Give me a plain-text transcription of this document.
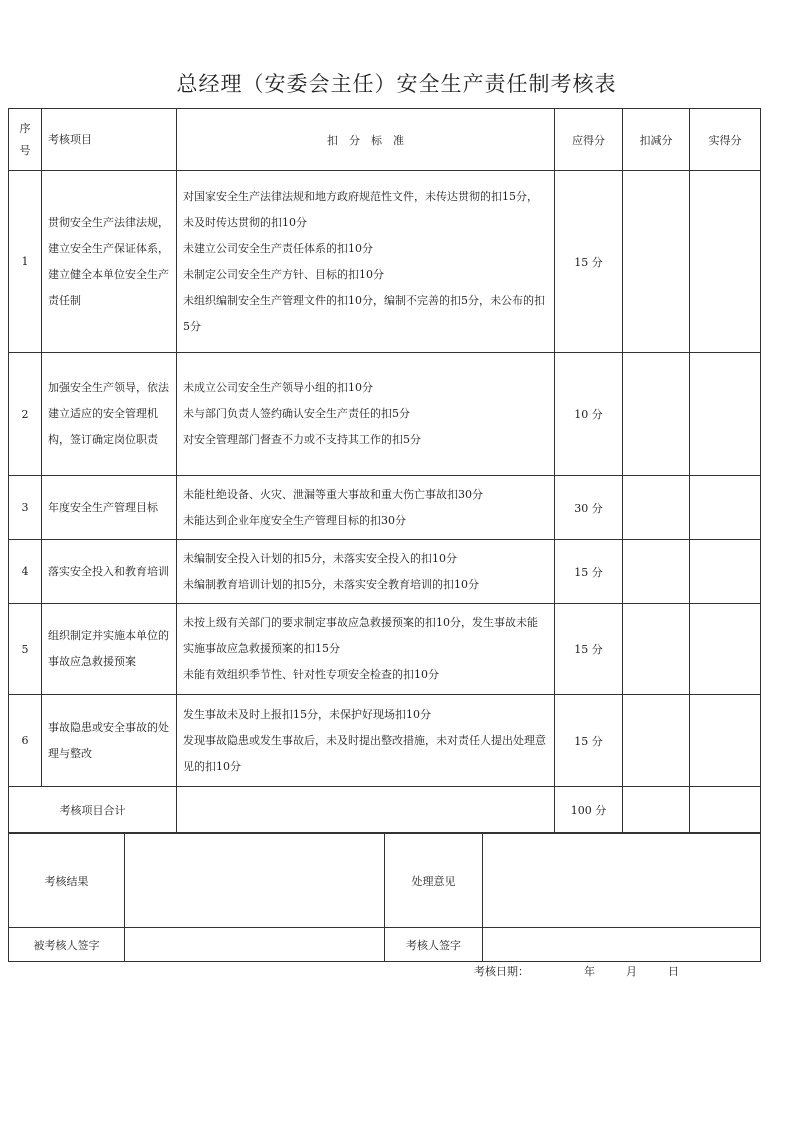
总经理（安委会主任）安全生产责任制考核表
序号	考核项目	扣　分　标　准	应得分	扣减分	实得分
1	贯彻安全生产法律法规，建立安全生产保证体系，建立健全本单位安全生产责任制	对国家安全生产法律法规和地方政府规范性文件，未传达贯彻的扣15分，未及时传达贯彻的扣10分
未建立公司安全生产责任体系的扣10分
未制定公司安全生产方针、目标的扣10分
未组织编制安全生产管理文件的扣10分，编制不完善的扣5分，未公布的扣5分	15 分		
2	加强安全生产领导，依法建立适应的安全管理机构，签订确定岗位职责	未成立公司安全生产领导小组的扣10分
未与部门负责人签约确认安全生产责任的扣5分
对安全管理部门督查不力或不支持其工作的扣5分	10 分		
3	年度安全生产管理目标	未能杜绝设备、火灾、泄漏等重大事故和重大伤亡事故扣30分
未能达到企业年度安全生产管理目标的扣30分	30 分		
4	落实安全投入和教育培训	未编制安全投入计划的扣5分，未落实安全投入的扣10分
未编制教育培训计划的扣5分，未落实安全教育培训的扣10分	15 分		
5	组织制定并实施本单位的事故应急救援预案	未按上级有关部门的要求制定事故应急救援预案的扣10分，发生事故未能实施事故应急救援预案的扣15分
未能有效组织季节性、针对性专项安全检查的扣10分	15 分		
6	事故隐患或安全事故的处理与整改	发生事故未及时上报扣15分，未保护好现场扣10分
发现事故隐患或发生事故后，未及时提出整改措施，未对责任人提出处理意见的扣10分	15 分		
考核项目合计			100 分		
考核结果		处理意见	
被考核人签字		考核人签字	
考核日期：	年	月	日
